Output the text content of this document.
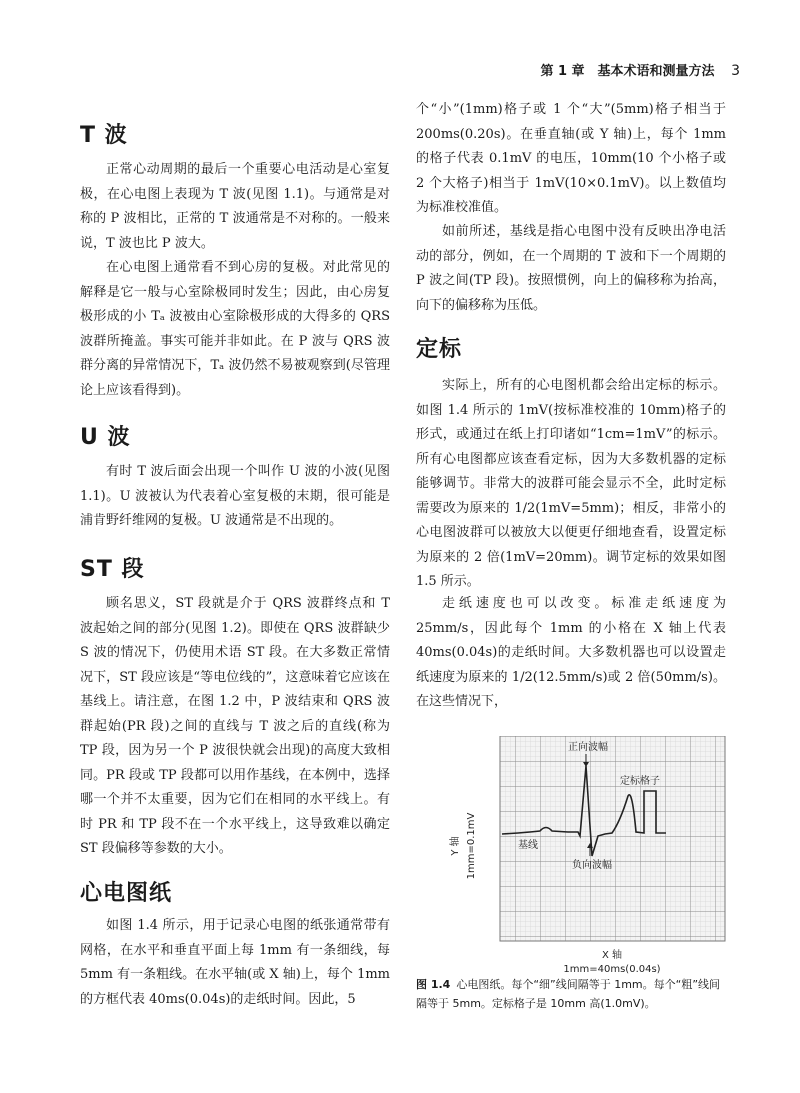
第 1 章　基本术语和测量方法 3
T 波

正常心动周期的最后一个重要心电活动是心室复极，在心电图上表现为 T 波(见图 1.1)。与通常是对称的 P 波相比，正常的 T 波通常是不对称的。一般来说，T 波也比 P 波大。

在心电图上通常看不到心房的复极。对此常见的解释是它一般与心室除极同时发生；因此，由心房复极形成的小 Tₐ 波被由心室除极形成的大得多的 QRS 波群所掩盖。事实可能并非如此。在 P 波与 QRS 波群分离的异常情况下，Tₐ 波仍然不易被观察到(尽管理论上应该看得到)。

U 波

有时 T 波后面会出现一个叫作 U 波的小波(见图 1.1)。U 波被认为代表着心室复极的末期，很可能是浦肯野纤维网的复极。U 波通常是不出现的。

ST 段

顾名思义，ST 段就是介于 QRS 波群终点和 T 波起始之间的部分(见图 1.2)。即使在 QRS 波群缺少 S 波的情况下，仍使用术语 ST 段。在大多数正常情况下，ST 段应该是“等电位线的”，这意味着它应该在基线上。请注意，在图 1.2 中，P 波结束和 QRS 波群起始(PR 段)之间的直线与 T 波之后的直线(称为 TP 段，因为另一个 P 波很快就会出现)的高度大致相同。PR 段或 TP 段都可以用作基线，在本例中，选择哪一个并不太重要，因为它们在相同的水平线上。有时 PR 和 TP 段不在一个水平线上，这导致难以确定 ST 段偏移等参数的大小。

心电图纸

如图 1.4 所示，用于记录心电图的纸张通常带有网格，在水平和垂直平面上每 1mm 有一条细线，每 5mm 有一条粗线。在水平轴(或 X 轴)上，每个 1mm 的方框代表 40ms(0.04s)的走纸时间。因此，5

个“小”(1mm)格子或 1 个“大”(5mm)格子相当于 200ms(0.20s)。在垂直轴(或 Y 轴)上，每个 1mm 的格子代表 0.1mV 的电压，10mm(10 个小格子或 2 个大格子)相当于 1mV(10×0.1mV)。以上数值均为标准校准值。

如前所述，基线是指心电图中没有反映出净电活动的部分，例如，在一个周期的 T 波和下一个周期的 P 波之间(TP 段)。按照惯例，向上的偏移称为抬高，向下的偏移称为压低。

定标

实际上，所有的心电图机都会给出定标的标示。如图 1.4 所示的 1mV(按标准校准的 10mm)格子的形式，或通过在纸上打印诸如“1cm=1mV”的标示。所有心电图都应该查看定标，因为大多数机器的定标能够调节。非常大的波群可能会显示不全，此时定标需要改为原来的 1/2(1mV=5mm)；相反，非常小的心电图波群可以被放大以便更仔细地查看，设置定标为原来的 2 倍(1mV=20mm)。调节定标的效果如图 1.5 所示。

走纸速度也可以改变。标准走纸速度为 25mm/s，因此每个 1mm 的小格在 X 轴上代表 40ms(0.04s)的走纸时间。大多数机器也可以设置走纸速度为原来的 1/2(12.5mm/s)或 2 倍(50mm/s)。在这些情况下，

正向波幅
定标格子
基线
负向波幅
Y 轴 1mm=0.1mV
X 轴
1mm=40ms(0.04s)

图 1.4 心电图纸。每个“细”线间隔等于 1mm。每个“粗”线间隔等于 5mm。定标格子是 10mm 高(1.0mV)。
